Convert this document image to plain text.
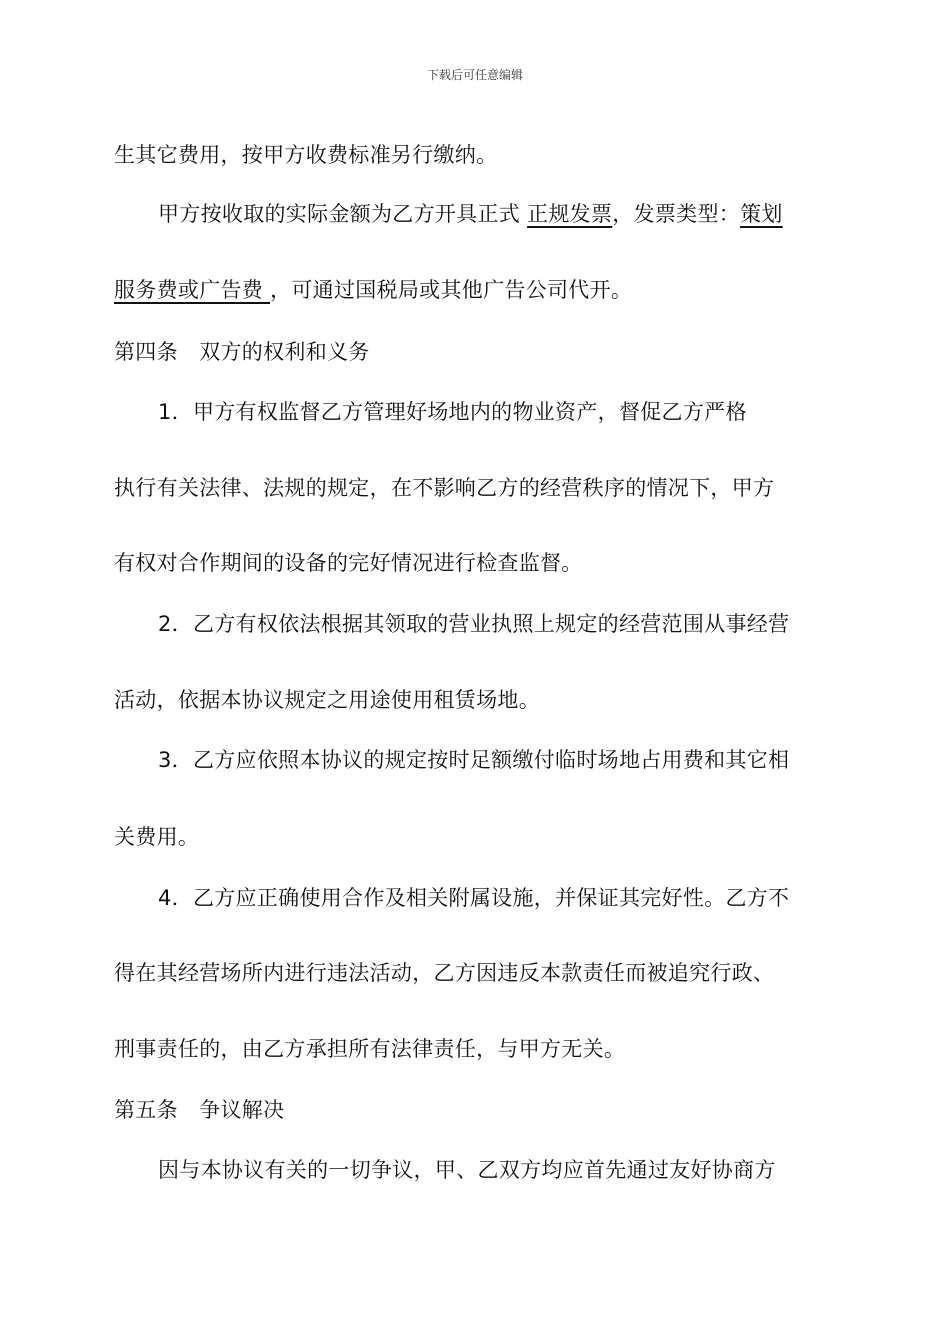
下载后可任意编辑
生其它费用，按甲方收费标准另行缴纳。
甲方按收取的实际金额为乙方开具正式 正规发票，发票类型：策划
服务费或广告费 ，可通过国税局或其他广告公司代开。
第四条　双方的权利和义务
1．甲方有权监督乙方管理好场地内的物业资产，督促乙方严格
执行有关法律、法规的规定，在不影响乙方的经营秩序的情况下，甲方
有权对合作期间的设备的完好情况进行检查监督。
2．乙方有权依法根据其领取的营业执照上规定的经营范围从事经营
活动，依据本协议规定之用途使用租赁场地。
3．乙方应依照本协议的规定按时足额缴付临时场地占用费和其它相
关费用。
4．乙方应正确使用合作及相关附属设施，并保证其完好性。乙方不
得在其经营场所内进行违法活动，乙方因违反本款责任而被追究行政、
刑事责任的，由乙方承担所有法律责任，与甲方无关。
第五条　争议解决
因与本协议有关的一切争议，甲、乙双方均应首先通过友好协商方
